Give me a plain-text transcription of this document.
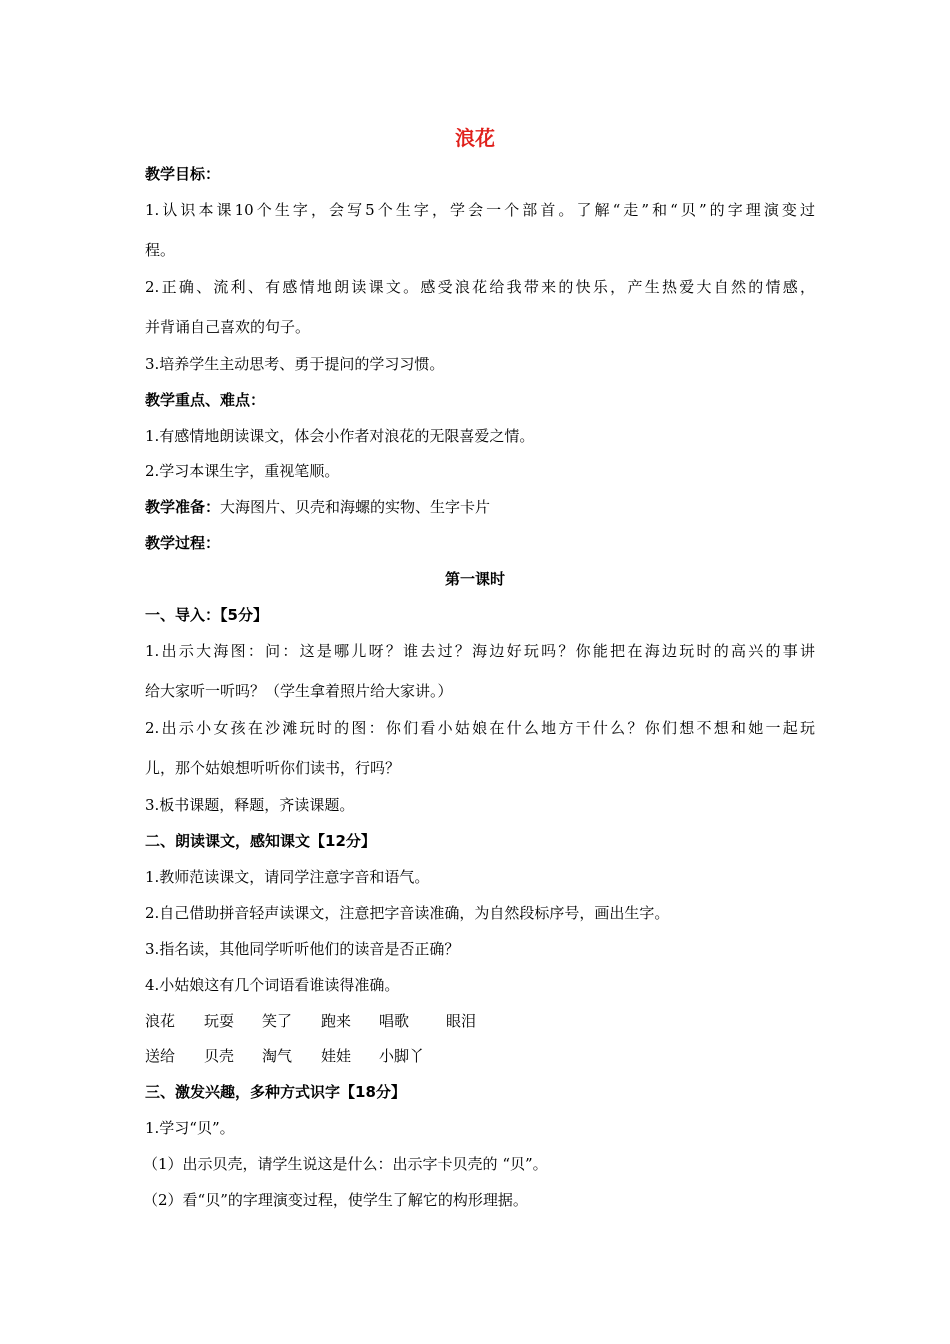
浪花
教学目标：
1.认识本课10个生字，会写5个生字，学会一个部首。了解“走”和“贝”的字理演变过
程。
2.正确、流利、有感情地朗读课文。感受浪花给我带来的快乐，产生热爱大自然的情感，
并背诵自己喜欢的句子。
3.培养学生主动思考、勇于提问的学习习惯。
教学重点、难点：
1.有感情地朗读课文，体会小作者对浪花的无限喜爱之情。
2.学习本课生字，重视笔顺。
教学准备：大海图片、贝壳和海螺的实物、生字卡片
教学过程：
第一课时
一、导入：【5分】
1.出示大海图：问：这是哪儿呀？谁去过？海边好玩吗？你能把在海边玩时的高兴的事讲
给大家听一听吗？（学生拿着照片给大家讲。）
2.出示小女孩在沙滩玩时的图：你们看小姑娘在什么地方干什么？你们想不想和她一起玩
儿，那个姑娘想听听你们读书，行吗？
3.板书课题，释题，齐读课题。
二、朗读课文，感知课文【12分】
1.教师范读课文，请同学注意字音和语气。
2.自己借助拼音轻声读课文，注意把字音读准确，为自然段标序号，画出生字。
3.指名读，其他同学听听他们的读音是否正确？
4.小姑娘这有几个词语看谁读得准确。
浪花 玩耍 笑了 跑来 唱歌 眼泪
送给 贝壳 淘气 娃娃 小脚丫
三、激发兴趣，多种方式识字【18分】
1.学习“贝”。
（1）出示贝壳，请学生说这是什么：出示字卡贝壳的 “贝”。
（2）看“贝”的字理演变过程，使学生了解它的构形理据。
